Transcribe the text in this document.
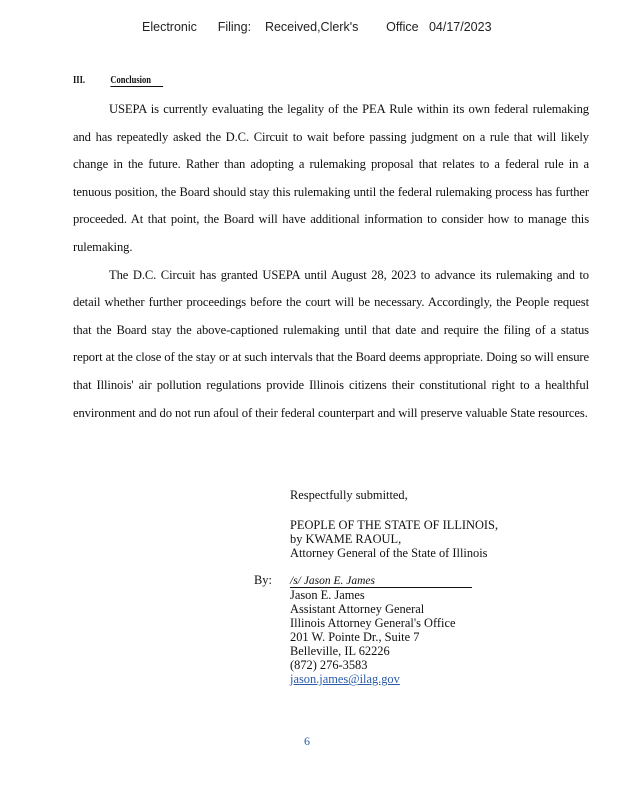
Electronic      Filing:    Received,Clerk's        Office   04/17/2023
III.	Conclusion

USEPA is currently evaluating the legality of the PEA Rule within its own federal rulemaking and has repeatedly asked the D.C. Circuit to wait before passing judgment on a rule that will likely change in the future. Rather than adopting a rulemaking proposal that relates to a federal rule in a tenuous position, the Board should stay this rulemaking until the federal rulemaking process has further proceeded. At that point, the Board will have additional information to consider how to manage this rulemaking.

The D.C. Circuit has granted USEPA until August 28, 2023 to advance its rulemaking and to detail whether further proceedings before the court will be necessary. Accordingly, the People request that the Board stay the above-captioned rulemaking until that date and require the filing of a status report at the close of the stay or at such intervals that the Board deems appropriate. Doing so will ensure that Illinois' air pollution regulations provide Illinois citizens their constitutional right to a healthful environment and do not run afoul of their federal counterpart and will preserve valuable State resources.

Respectfully submitted,
PEOPLE OF THE STATE OF ILLINOIS,
by KWAME RAOUL,
Attorney General of the State of Illinois
By: /s/ Jason E. James
Jason E. James
Assistant Attorney General
Illinois Attorney General's Office
201 W. Pointe Dr., Suite 7
Belleville, IL 62226
(872) 276-3583
jason.james@ilag.gov
6
